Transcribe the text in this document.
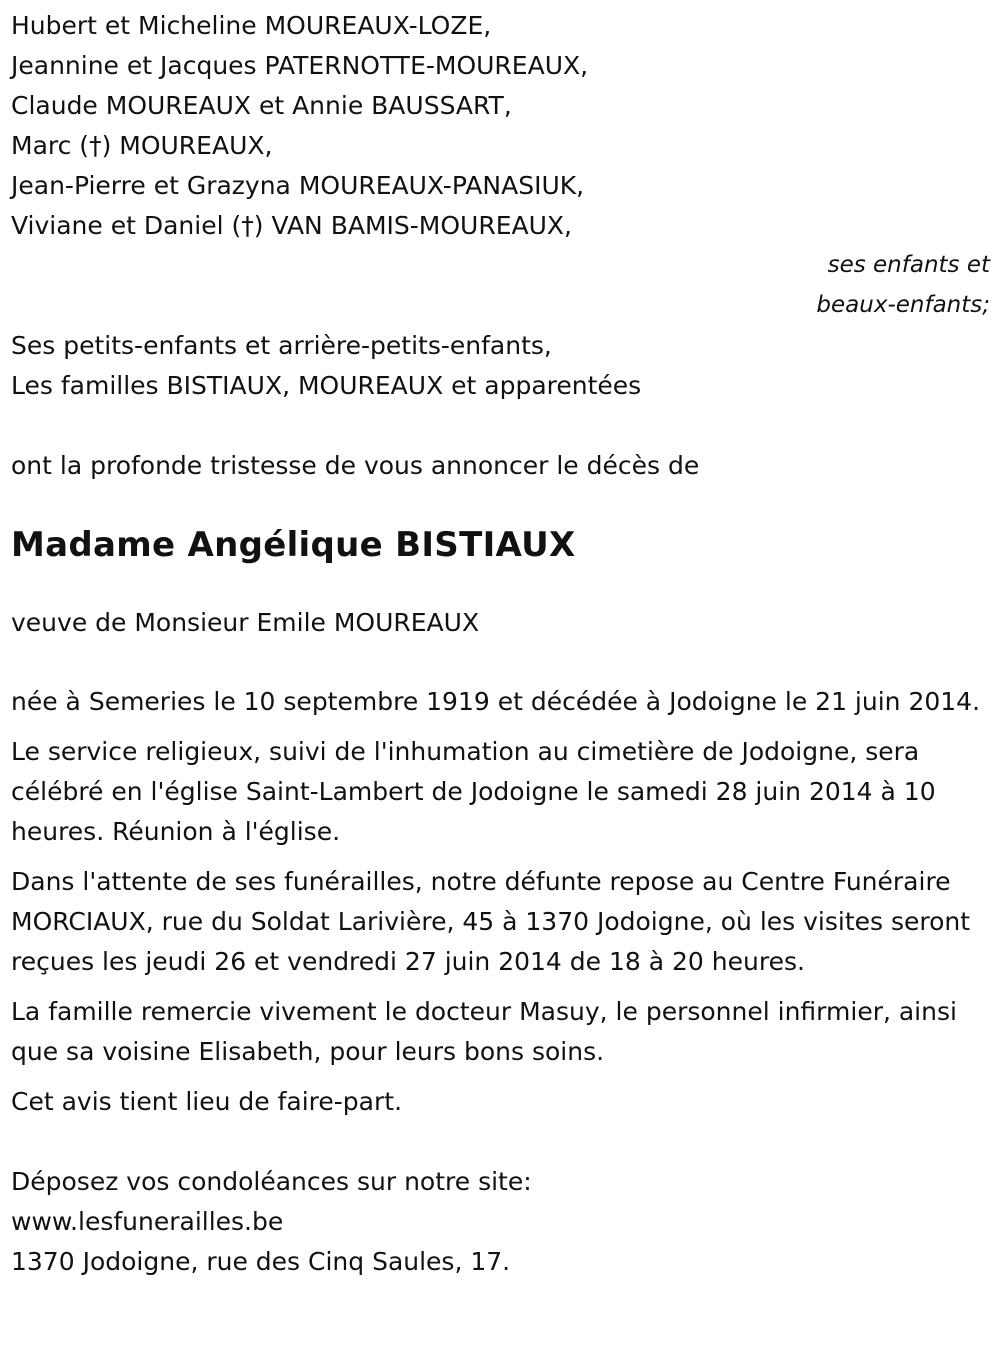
Hubert et Micheline MOUREAUX-LOZE,
Jeannine et Jacques PATERNOTTE-MOUREAUX,
Claude MOUREAUX et Annie BAUSSART,
Marc (†) MOUREAUX,
Jean-Pierre et Grazyna MOUREAUX-PANASIUK,
Viviane et Daniel (†) VAN BAMIS-MOUREAUX,
ses enfants et
beaux-enfants;
Ses petits-enfants et arrière-petits-enfants,
Les familles BISTIAUX, MOUREAUX et apparentées
ont la profonde tristesse de vous annoncer le décès de
Madame Angélique BISTIAUX
veuve de Monsieur Emile MOUREAUX
née à Semeries le 10 septembre 1919 et décédée à Jodoigne le 21 juin 2014.
Le service religieux, suivi de l'inhumation au cimetière de Jodoigne, sera célébré en l'église Saint-Lambert de Jodoigne le samedi 28 juin 2014 à 10 heures. Réunion à l'église.
Dans l'attente de ses funérailles, notre défunte repose au Centre Funéraire MORCIAUX, rue du Soldat Larivière, 45 à 1370 Jodoigne, où les visites seront reçues les jeudi 26 et vendredi 27 juin 2014 de 18 à 20 heures.
La famille remercie vivement le docteur Masuy, le personnel infirmier, ainsi que sa voisine Elisabeth, pour leurs bons soins.
Cet avis tient lieu de faire-part.
Déposez vos condoléances sur notre site:
www.lesfunerailles.be
1370 Jodoigne, rue des Cinq Saules, 17.
